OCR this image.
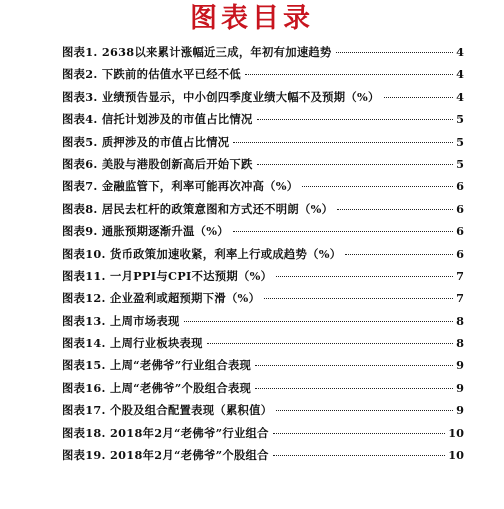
图表目录
图表1. 2638以来累计涨幅近三成，年初有加速趋势	4
图表2. 下跌前的估值水平已经不低	4
图表3. 业绩预告显示，中小创四季度业绩大幅不及预期（%）	4
图表4. 信托计划涉及的市值占比情况	5
图表5. 质押涉及的市值占比情况	5
图表6. 美股与港股创新高后开始下跌	5
图表7. 金融监管下，利率可能再次冲高（%）	6
图表8. 居民去杠杆的政策意图和方式还不明朗（%）	6
图表9. 通胀预期逐渐升温（%）	6
图表10. 货币政策加速收紧，利率上行或成趋势（%）	6
图表11. 一月PPI与CPI不达预期（%）	7
图表12. 企业盈利或超预期下滑（%）	7
图表13. 上周市场表现	8
图表14. 上周行业板块表现	8
图表15. 上周“老佛爷”行业组合表现	9
图表16. 上周“老佛爷”个股组合表现	9
图表17. 个股及组合配置表现（累积值）	9
图表18. 2018年2月“老佛爷”行业组合	10
图表19. 2018年2月“老佛爷”个股组合	10
